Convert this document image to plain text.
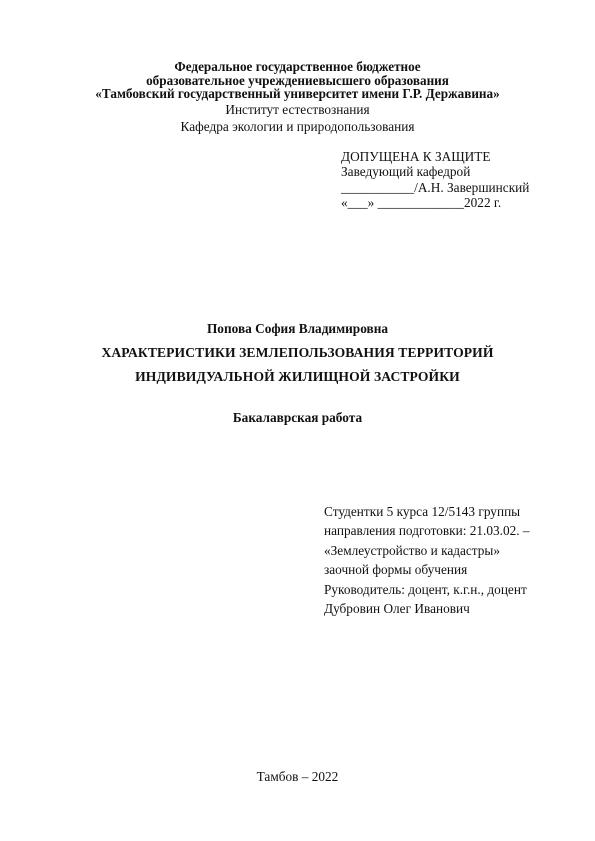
Федеральное государственное бюджетное
образовательное учреждениевысшего образования
«Тамбовский государственный университет имени Г.Р. Державина»
Институт естествознания
Кафедра экологии и природопользования
ДОПУЩЕНА К ЗАЩИТЕ
Заведующий кафедрой
___________/А.Н. Завершинский
«___» _____________2022 г.
Попова София Владимировна
ХАРАКТЕРИСТИКИ ЗЕМЛЕПОЛЬЗОВАНИЯ ТЕРРИТОРИЙ
ИНДИВИДУАЛЬНОЙ ЖИЛИЩНОЙ ЗАСТРОЙКИ
Бакалаврская работа
Студентки 5 курса 12/5143 группы
направления подготовки: 21.03.02. –
«Землеустройство и кадастры»
заочной формы обучения
Руководитель: доцент, к.г.н., доцент
Дубровин Олег Иванович
Тамбов – 2022
